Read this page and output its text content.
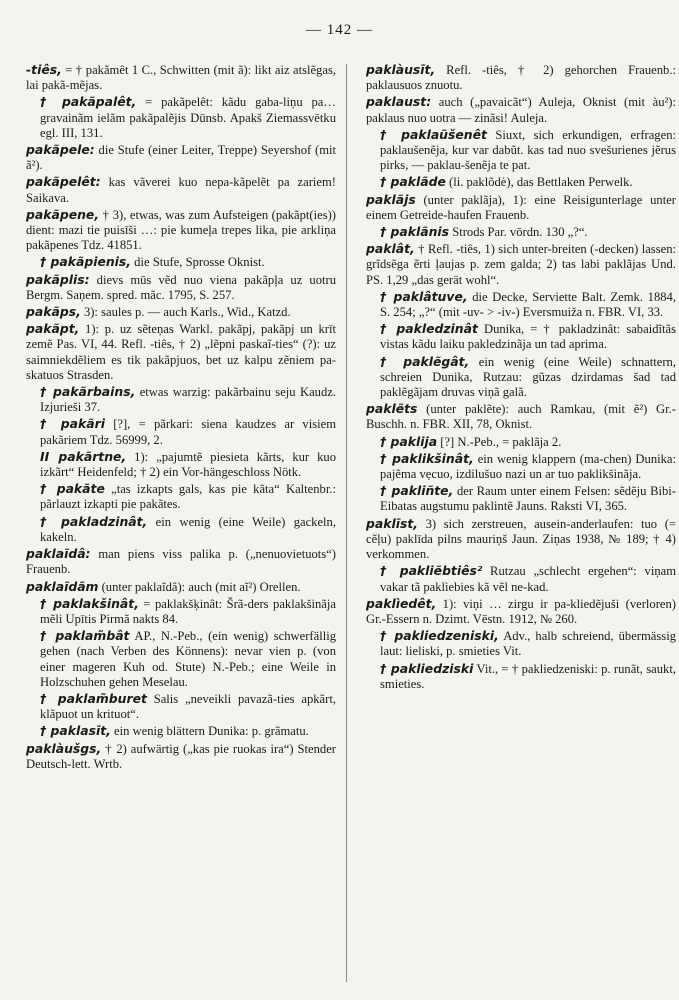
— 142 —

-tiês, = † pakãmêt 1 C., Schwitten (mit ã): likt aiz atslẽgas, lai pakã-mẽjas.

† pakãpalêt, = pakãpelêt: kãdu gaba-liņu pa… gravainãm ielãm pakãpalẽjis Dūnsb. Apakš Ziemassvētku egl. III, 131.

pakãpele: die Stufe (einer Leiter, Treppe) Seyershof (mit ã²).

pakãpelêt: kas vãverei kuo nepa-kãpelẽt pa zariem! Saikava.

pakãpene, † 3), etwas, was zum Aufsteigen (pakãpt(ies)) dient: mazi tie puisīši …: pie kumeļa trepes lika, pie arkliņa pakãpenes Tdz. 41851.

† pakãpienis, die Stufe, Sprosse Oknist.

pakãplis: dievs mūs vẽd nuo viena pakãpļa uz uotru Bergm. Saņem. spred. mãc. 1795, S. 257.

pakãps, 3): saules p. — auch Karls., Wid., Katzd.

pakãpt, 1): p. uz sẽteņas Warkl. pakãpj, pakãpj un krīt zemẽ Pas. VI, 44. Refl. -tiês, † 2) „lẽpni paskaĩ-ties“ (?): uz saimniekdẽliem es tik pakãpjuos, bet uz kalpu zẽniem pa-skatuos Strasden.

† pakãrbains, etwas warzig: pakãrbainu seju Kaudz. Izjurieši 37.

† pakãri [?], = pãrkari: siena kaudzes ar visiem pakãriem Tdz. 56999, 2.

II pakãrtne, 1): „pajumtẽ piesieta kãrts, kur kuo izkãrt“ Heidenfeld; † 2) ein Vor-hängeschloss Nötk.

† pakãte „tas izkapts gals, kas pie kãta“ Kaltenbr.: pãrlauzt izkapti pie pakãtes.

† pakladzinât, ein wenig (eine Weile) gackeln, kakeln.

paklaĩdâ: man piens viss palika p. („nenuovietuots“) Frauenb.

paklaĩdãm (unter paklaĩdâ): auch (mit aĩ²) Orellen.

† paklakšinât, = paklakšķinât: Šrã-ders paklakšinãja mẽli Upītis Pirmã nakts 84.

† paklam̃bât AP., N.-Peb., (ein wenig) schwerfällig gehen (nach Verben des Könnens): nevar vien p. (von einer mageren Kuh od. Stute) N.-Peb.; eine Weile in Holzschuhen gehen Meselau.

† paklam̃buret Salis „neveikli pavazã-ties apkãrt, klãpuot un krituot“.

† paklasīt, ein wenig blättern Dunika: p. grãmatu.

paklàušgs, † 2) aufwärtig („kas pie ruokas ira“) Stender Deutsch-lett. Wrtb.

paklàusīt, Refl. -tiês, † 2) gehorchen Frauenb.: paklausuos znuotu.

paklaust: auch („pavaicãt“) Auleja, Oknist (mit àu²): paklaus nuo uotra — zinãsi! Auleja.

† paklaũšenêt Siuxt, sich erkundigen, erfragen: paklaušenẽja, kur var dabũt. kas tad nuo svešurienes jẽrus pirks, — paklau-šenẽja te pat.

† paklãde (li. paklõdė), das Bettlaken Perwelk.

paklãjs (unter paklãja), 1): eine Reisigunterlage unter einem Getreide-haufen Frauenb.

† paklãnis Strods Par. vōrdn. 130 „?“.

paklât, † Refl. -tiês, 1) sich unter-breiten (-decken) lassen: grĩdsẽga ẽrti ļaujas p. zem galda; 2) tas labi paklãjas Und. PS. 1,29 „das gerät wohl“.

† paklâtuve, die Decke, Serviette Balt. Zemk. 1884, S. 254; „?“ (mit -uv- > -iv-) Eversmuiža n. FBR. VI, 33.

† pakledzinât Dunika, = † pakladzinât: sabaidĩtãs vistas kãdu laiku pakledzinãja un tad aprima.

† paklẽgât, ein wenig (eine Weile) schnattern, schreien Dunika, Rutzau: gũzas dzirdamas šad tad paklẽgãjam druvas viņã galã.

paklẽts (unter paklẽte): auch Ramkau, (mit ẽ²) Gr.-Buschh. n. FBR. XII, 78, Oknist.

† paklija [?] N.-Peb., = paklãja 2.

† paklikšinât, ein wenig klappern (ma-chen) Dunika: pajẽma vẹcuo, izdilušuo nazi un ar tuo paklikšinãja.

† pakliñte, der Raum unter einem Felsen: sẽdẽju Bibi-Eibatas augstumu paklintẽ Jauns. Raksti VI, 365.

paklīst, 3) sich zerstreuen, ausein-anderlaufen: tuo (= cẽļu) paklīda pilns mauriņš Jaun. Ziņas 1938, № 189; † 4) verkommen.

† pakliẽbtiês² Rutzau „schlecht ergehen“: viņam vakar tã paklìebies kã vẽl ne-kad.

paklìedêt, 1): viņi … zirgu ir pa-kliedẽjuši (verloren) Gr.-Essern n. Dzimt. Vēstn. 1912, № 260.

† pakliedzeniski, Adv., halb schreiend, übermässig laut: lieliski, p. smieties Vit.

† pakliedziski Vit., = † pakliedzeniski: p. runãt, saukt, smieties.
